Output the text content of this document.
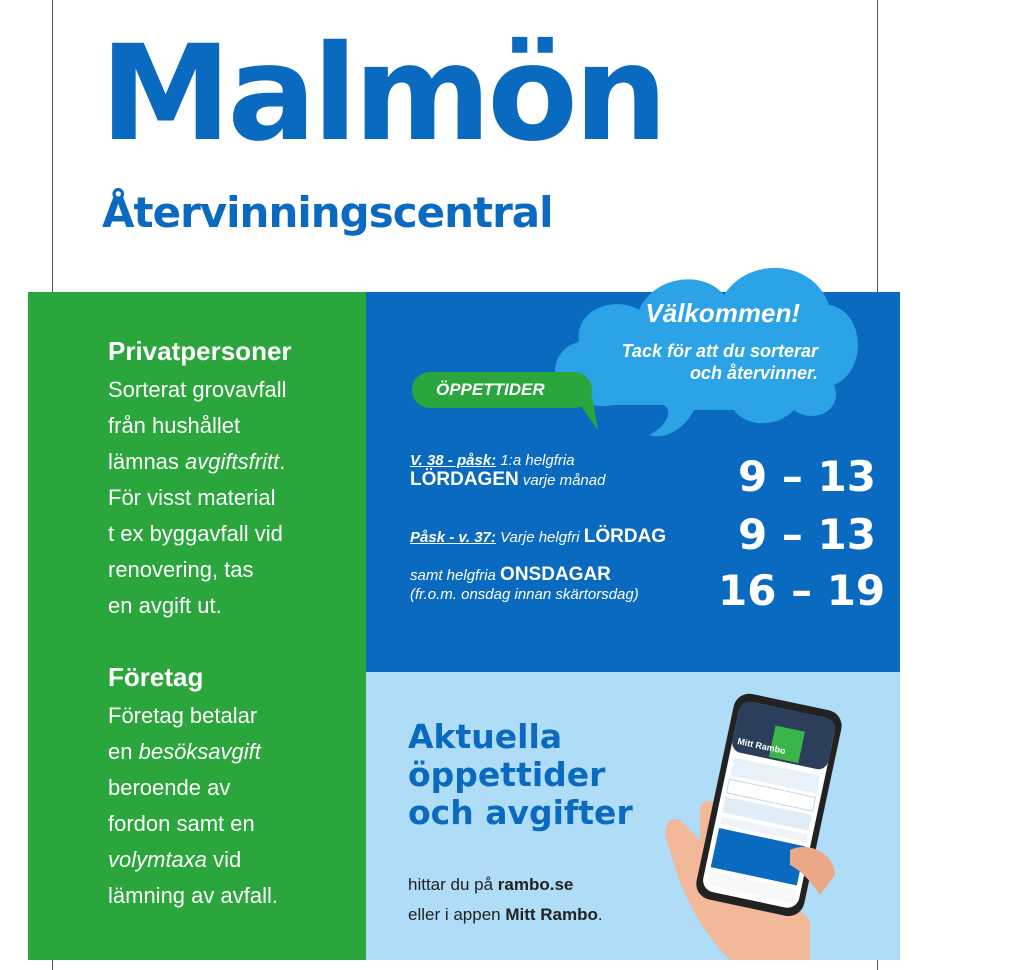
Malmön
Återvinningscentral
Privatpersoner
Sorterat grovavfall
från hushållet
lämnas avgiftsfritt.
För visst material
t ex byggavfall vid
renovering, tas
en avgift ut.
Företag
Företag betalar
en besöksavgift
beroende av
fordon samt en
volymtaxa vid
lämning av avfall.
Välkommen!
Tack för att du sorterar
och återvinner.
ÖPPETTIDER
V. 38 - påsk: 1:a helgfria
LÖRDAGEN varje månad	9 – 13
Påsk - v. 37: Varje helgfri LÖRDAG 9 – 13
samt helgfria ONSDAGAR
(fr.o.m. onsdag innan skärtorsdag) 16 – 19
Aktuella
öppettider
och avgifter
hittar du på rambo.se
eller i appen Mitt Rambo.
Mitt Rambo
